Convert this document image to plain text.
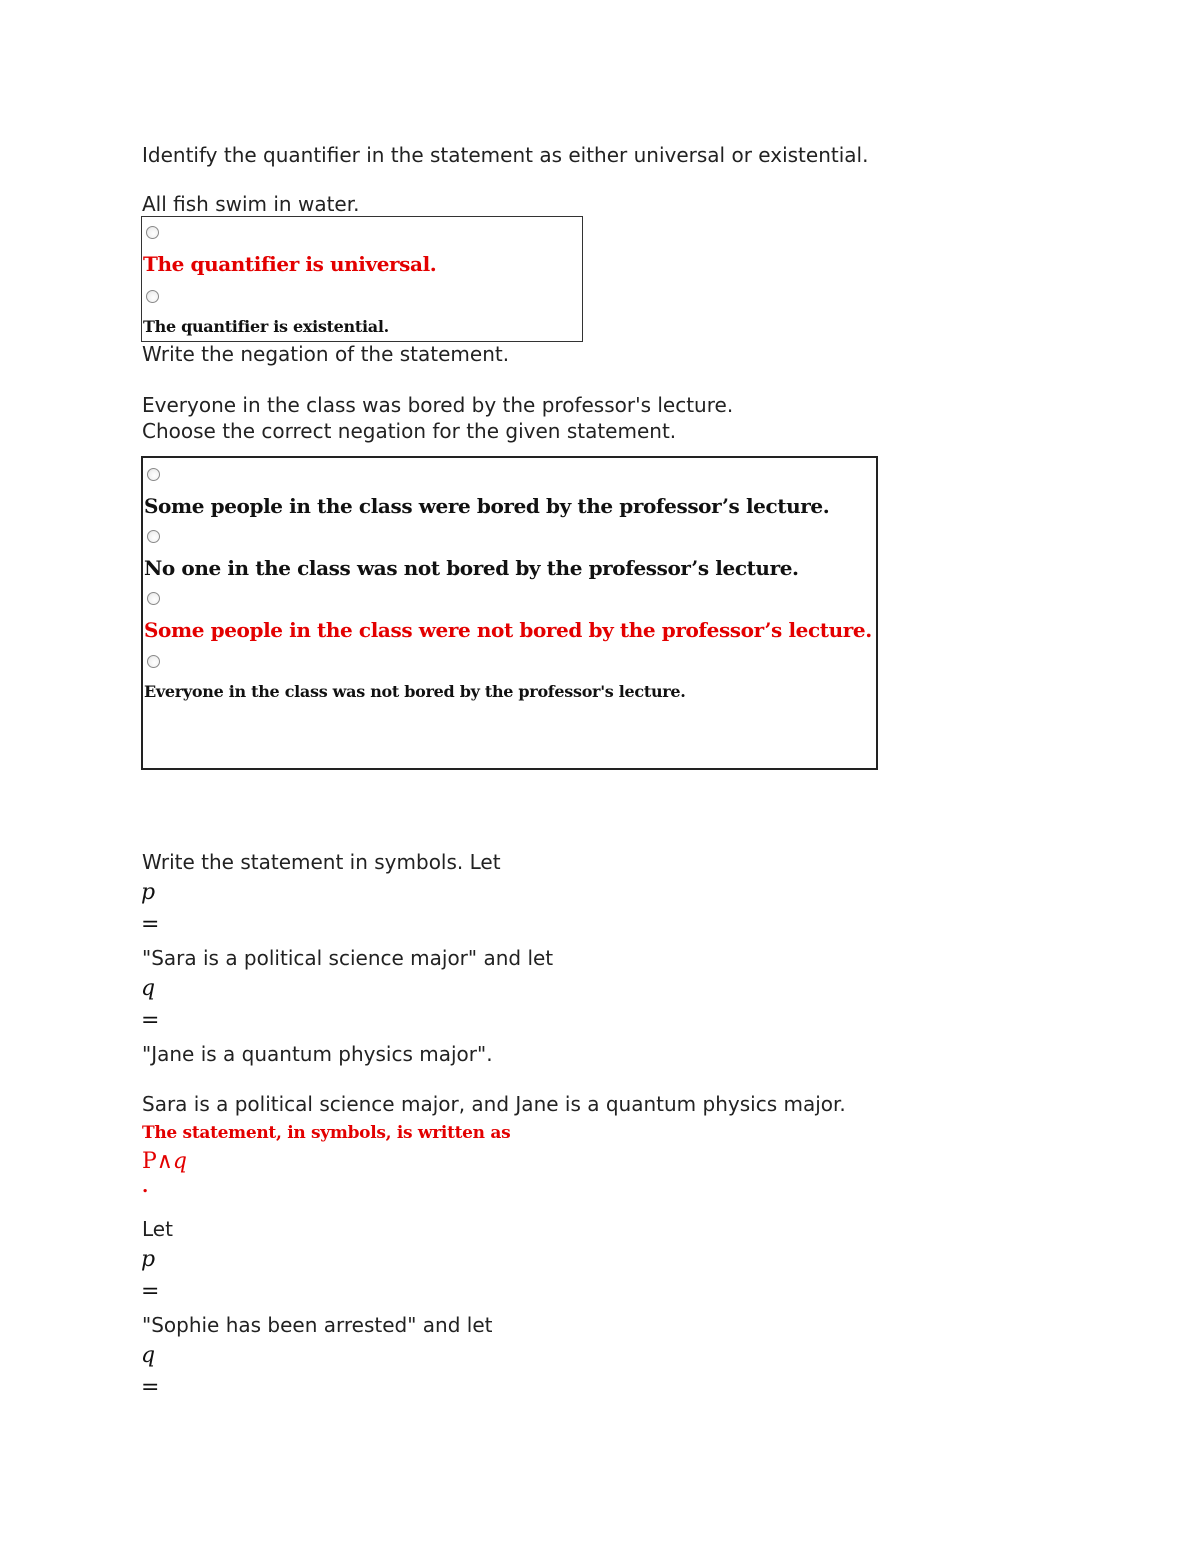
Identify the quantifier in the statement as either universal or existential.

All fish swim in water.

The quantifier is universal.
The quantifier is existential.

Write the negation of the statement.

Everyone in the class was bored by the professor's lecture.

Choose the correct negation for the given statement.

Some people in the class were bored by the professor’s lecture.
No one in the class was not bored by the professor’s lecture.
Some people in the class were not bored by the professor’s lecture.
Everyone in the class was not bored by the professor's lecture.

Write the statement in symbols. Let

p

=

"Sara is a political science major" and let

q

=

"Jane is a quantum physics major".

Sara is a political science major, and Jane is a quantum physics major.

The statement, in symbols, is written as

P∧q

.

Let

p

=

"Sophie has been arrested" and let

q

=
